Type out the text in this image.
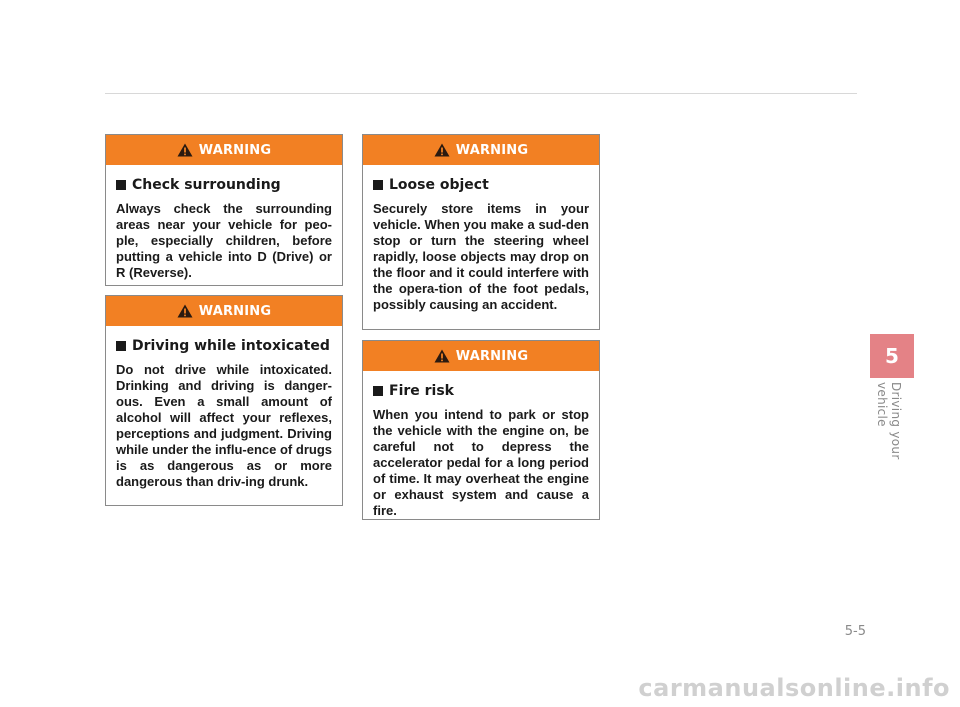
WARNING
Check surrounding

Always check the surrounding areas near your vehicle for peo-ple, especially children, before putting a vehicle into D (Drive) or R (Reverse).

WARNING
Driving while intoxicated

Do not drive while intoxicated. Drinking and driving is danger-ous. Even a small amount of alcohol will affect your reflexes, perceptions and judgment. Driving while under the influ-ence of drugs is as dangerous as or more dangerous than driv-ing drunk.

WARNING
Loose object

Securely store items in your vehicle. When you make a sud-den stop or turn the steering wheel rapidly, loose objects may drop on the floor and it could interfere with the opera-tion of the foot pedals, possibly causing an accident.

WARNING
Fire risk

When you intend to park or stop the vehicle with the engine on, be careful not to depress the accelerator pedal for a long period of time. It may overheat the engine or exhaust system and cause a fire.

5
Driving your vehicle
5-5
carmanualsonline.info
